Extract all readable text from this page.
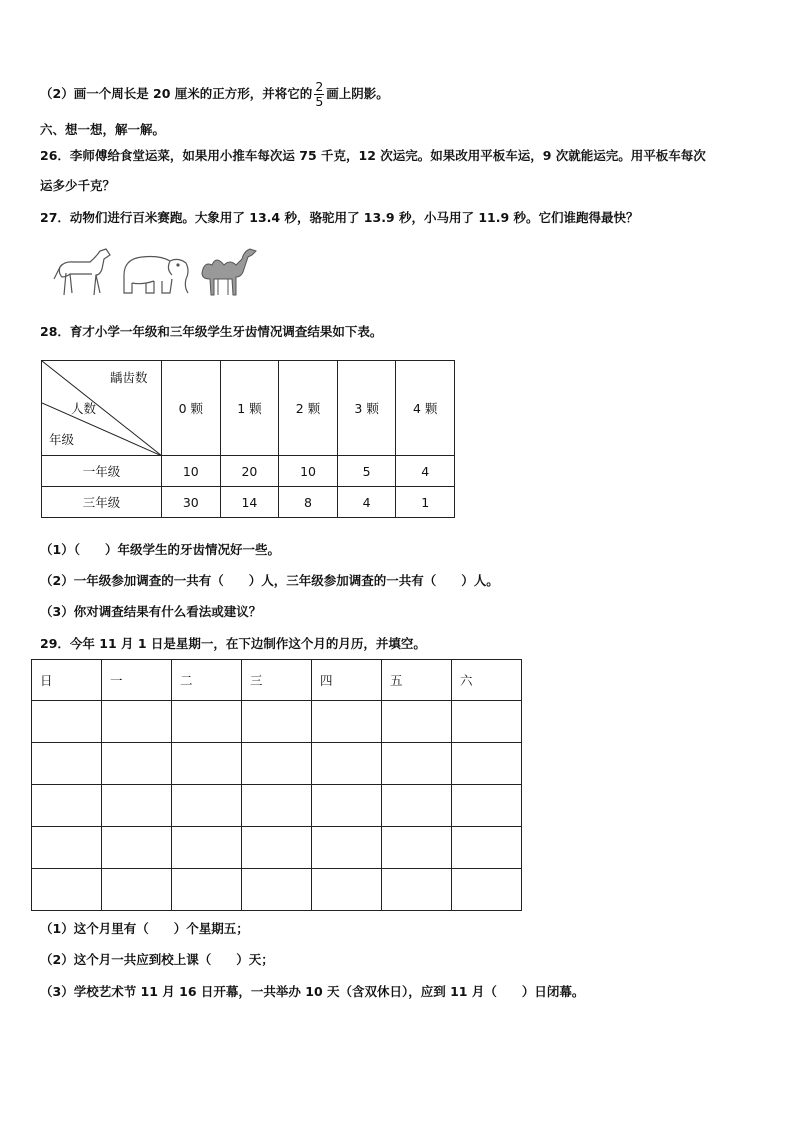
（2）画一个周长是 20 厘米的正方形，并将它的 $\frac{2}{5}$ 画上阴影。
六、想一想，解一解。
26．李师傅给食堂运菜，如果用小推车每次运 75 千克，12 次运完。如果改用平板车运，9 次就能运完。用平板车每次
运多少千克？
27．动物们进行百米赛跑。大象用了 13.4 秒，骆驼用了 13.9 秒，小马用了 11.9 秒。它们谁跑得最快？
28．育才小学一年级和三年级学生牙齿情况调查结果如下表。
龋齿数
人数
年级	0 颗	1 颗	2 颗	3 颗	4 颗
一年级	10	20	10	5	4
三年级	30	14	8	4	1
（1）（　　）年级学生的牙齿情况好一些。
（2）一年级参加调查的一共有（　　）人，三年级参加调查的一共有（　　）人。
（3）你对调查结果有什么看法或建议？
29．今年 11 月 1 日是星期一，在下边制作这个月的月历，并填空。
日	一	二	三	四	五	六

（1）这个月里有（　　）个星期五；
（2）这个月一共应到校上课（　　）天；
（3）学校艺术节 11 月 16 日开幕，一共举办 10 天（含双休日），应到 11 月（　　）日闭幕。
